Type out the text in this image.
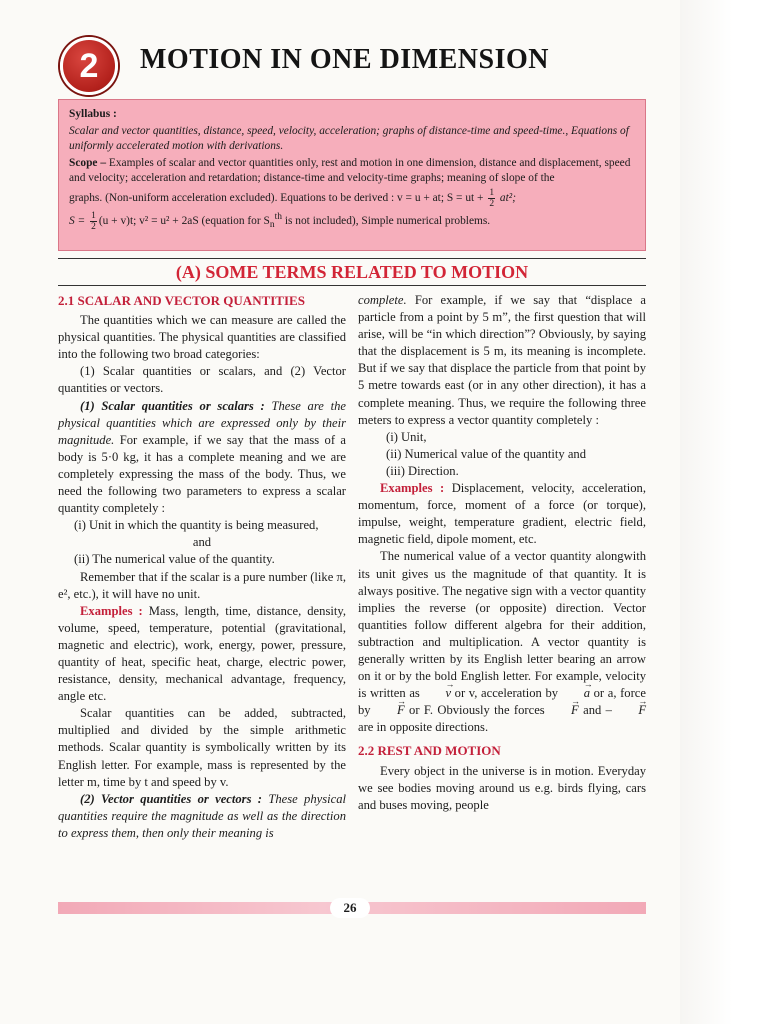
2	MOTION IN ONE DIMENSION

Syllabus :

Scalar and vector quantities, distance, speed, velocity, acceleration; graphs of distance-time and speed-time., Equations of uniformly accelerated motion with derivations.

Scope – Examples of scalar and vector quantities only, rest and motion in one dimension, distance and displacement, speed and velocity; acceleration and retardation; distance-time and velocity-time graphs; meaning of slope of the

graphs. (Non-uniform acceleration excluded). Equations to be derived : v = u + at; S = ut + $\frac{1}{2} at^2$;

$S = \frac{1}{2} (u + v)t$; v² = u² + 2aS (equation for $S_n^{th}$ is not included), Simple numerical problems.

(A) SOME TERMS RELATED TO MOTION

2.1 SCALAR AND VECTOR QUANTITIES

The quantities which we can measure are called the physical quantities. The physical quantities are classified into the following two broad categories:

(1) Scalar quantities or scalars, and (2) Vector quantities or vectors.

(1) Scalar quantities or scalars : These are the physical quantities which are expressed only by their magnitude. For example, if we say that the mass of a body is 5·0 kg, it has a complete meaning and we are completely expressing the mass of the body. Thus, we need the following two parameters to express a scalar quantity completely :

(i) Unit in which the quantity is being measured,

and

(ii) The numerical value of the quantity.

Remember that if the scalar is a pure number (like π, e², etc.), it will have no unit.

Examples : Mass, length, time, distance, density, volume, speed, temperature, potential (gravitational, magnetic and electric), work, energy, power, pressure, quantity of heat, specific heat, charge, electric power, resistance, density, mechanical advantage, frequency, angle etc.

Scalar quantities can be added, subtracted, multiplied and divided by the simple arithmetic methods. Scalar quantity is symbolically written by its English letter. For example, mass is represented by the letter m, time by t and speed by v.

(2) Vector quantities or vectors : These physical quantities require the magnitude as well as the direction to express them, then only their meaning is

complete. For example, if we say that “displace a particle from a point by 5 m”, the first question that will arise, will be “in which direction”? Obviously, by saying that the displacement is 5 m, its meaning is incomplete. But if we say that displace the particle from that point by 5 metre towards east (or in any other direction), it has a complete meaning. Thus, we require the following three meters to express a vector quantity completely :

(i) Unit,

(ii) Numerical value of the quantity and

(iii) Direction.

Examples : Displacement, velocity, acceleration, momentum, force, moment of a force (or torque), impulse, weight, temperature gradient, electric field, magnetic field, dipole moment, etc.

The numerical value of a vector quantity alongwith its unit gives us the magnitude of that quantity. It is always positive. The negative sign with a vector quantity implies the reverse (or opposite) direction. Vector quantities follow different algebra for their addition, subtraction and multiplication. A vector quantity is generally written by its English letter bearing an arrow on it or by the bold English letter. For example, velocity is written as → v or v, acceleration by → a or a, force by → F or F. Obviously the forces → F and – → F are in opposite directions.

2.2 REST AND MOTION

Every object in the universe is in motion. Everyday we see bodies moving around us e.g. birds flying, cars and buses moving, people

26
